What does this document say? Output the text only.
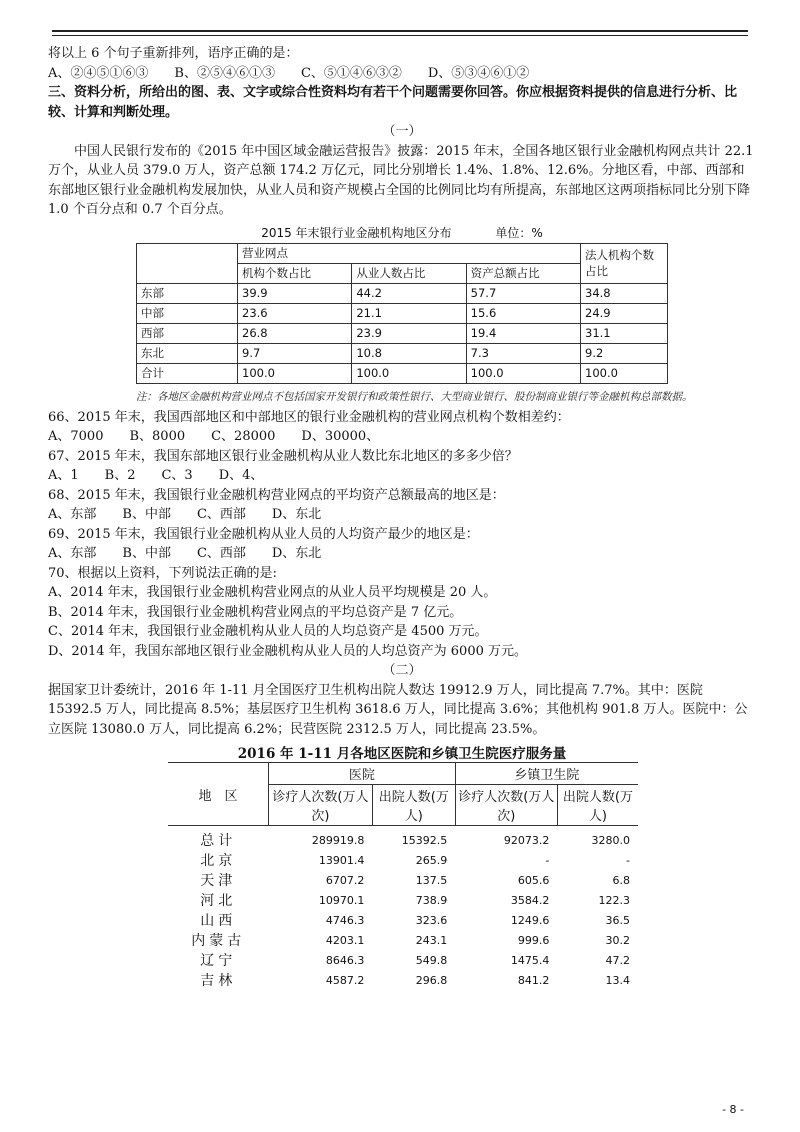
将以上 6 个句子重新排列，语序正确的是：

A、②④⑤①⑥③　　B、②⑤④⑥①③　　C、⑤①④⑥③②　　D、⑤③④⑥①②

三、资料分析，所给出的图、表、文字或综合性资料均有若干个问题需要你回答。你应根据资料提供的信息进行分析、比较、计算和判断处理。

（一）

中国人民银行发布的《2015 年中国区域金融运营报告》披露：2015 年末，全国各地区银行业金融机构网点共计 22.1 万个，从业人员 379.0 万人，资产总额 174.2 万亿元，同比分别增长 1.4%、1.8%、12.6%。分地区看，中部、西部和东部地区银行业金融机构发展加快，从业人员和资产规模占全国的比例同比均有所提高，东部地区这两项指标同比分别下降 1.0 个百分点和 0.7 个百分点。

2015 年末银行业金融机构地区分布	单位：%
	营业网点			法人机构个数占比
	机构个数占比	从业人数占比	资产总额占比	
东部	39.9	44.2	57.7	34.8
中部	23.6	21.1	15.6	24.9
西部	26.8	23.9	19.4	31.1
东北	9.7	10.8	7.3	9.2
合计	100.0	100.0	100.0	100.0
注：各地区金融机构营业网点不包括国家开发银行和政策性银行、大型商业银行、股份制商业银行等金融机构总部数据。

66、2015 年末，我国西部地区和中部地区的银行业金融机构的营业网点机构个数相差约：

A、7000　　B、8000　　C、28000　　D、30000、

67、2015 年末，我国东部地区银行业金融机构从业人数比东北地区的多多少倍？

A、1　　B、2　　C、3　　D、4、

68、2015 年末，我国银行业金融机构营业网点的平均资产总额最高的地区是：

A、东部　　B、中部　　C、西部　　D、东北

69、2015 年末，我国银行业金融机构从业人员的人均资产最少的地区是：

A、东部　　B、中部　　C、西部　　D、东北

70、根据以上资料，下列说法正确的是:

A、2014 年末，我国银行业金融机构营业网点的从业人员平均规模是 20 人。

B、2014 年末，我国银行业金融机构营业网点的平均总资产是 7 亿元。

C、2014 年末，我国银行业金融机构从业人员的人均总资产是 4500 万元。

D、2014 年，我国东部地区银行业金融机构从业人员的人均总资产为 6000 万元。

（二）

据国家卫计委统计，2016 年 1-11 月全国医疗卫生机构出院人数达 19912.9 万人，同比提高 7.7%。其中：医院 15392.5 万人，同比提高 8.5%；基层医疗卫生机构 3618.6 万人，同比提高 3.6%；其他机构 901.8 万人。医院中：公立医院 13080.0 万人，同比提高 6.2%；民营医院 2312.5 万人，同比提高 23.5%。

2016 年 1-11 月各地区医院和乡镇卫生院医疗服务量
地　区	医院		乡镇卫生院	
	诊疗人次数(万人次)	出院人数(万人)	诊疗人次数(万人次)	出院人数(万人)
总计	289919.8	15392.5	92073.2	3280.0
北京	13901.4	265.9	-	-
天津	6707.2	137.5	605.6	6.8
河北	10970.1	738.9	3584.2	122.3
山西	4746.3	323.6	1249.6	36.5
内蒙古	4203.1	243.1	999.6	30.2
辽宁	8646.3	549.8	1475.4	47.2
吉林	4587.2	296.8	841.2	13.4
- 8 -
